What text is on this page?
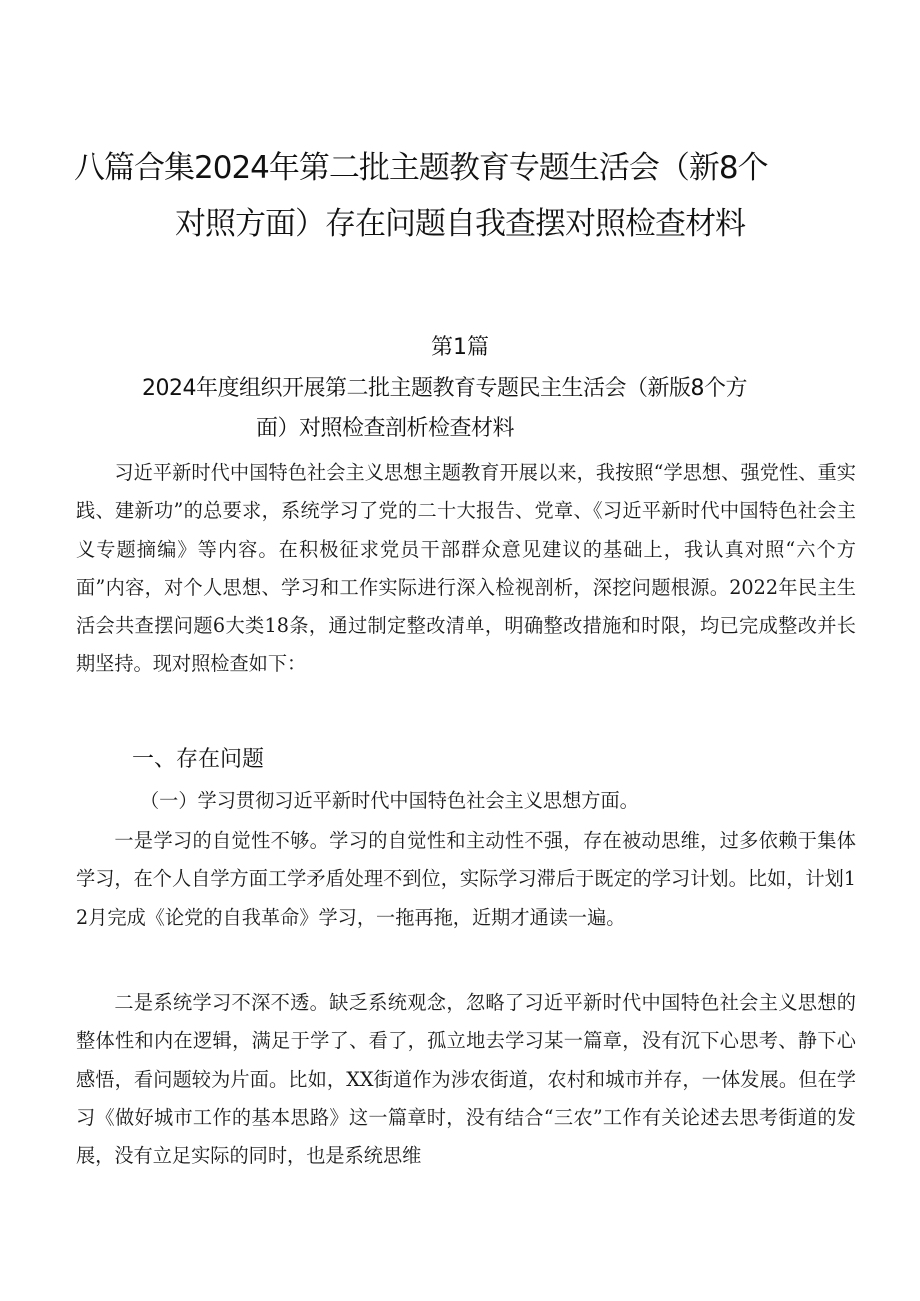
八篇合集2024年第二批主题教育专题生活会（新8个
对照方面）存在问题自我查摆对照检查材料
第1篇
2024年度组织开展第二批主题教育专题民主生活会（新版8个方
面）对照检查剖析检查材料

习近平新时代中国特色社会主义思想主题教育开展以来，我按照“学思想、强党性、重实践、建新功”的总要求，系统学习了党的二十大报告、党章、《习近平新时代中国特色社会主义专题摘编》等内容。在积极征求党员干部群众意见建议的基础上，我认真对照“六个方面”内容，对个人思想、学习和工作实际进行深入检视剖析，深挖问题根源。2022年民主生活会共查摆问题6大类18条，通过制定整改清单，明确整改措施和时限，均已完成整改并长期坚持。现对照检查如下：

一、存在问题
（一）学习贯彻习近平新时代中国特色社会主义思想方面。

一是学习的自觉性不够。学习的自觉性和主动性不强，存在被动思维，过多依赖于集体学习，在个人自学方面工学矛盾处理不到位，实际学习滞后于既定的学习计划。比如，计划12月完成《论党的自我革命》学习，一拖再拖，近期才通读一遍。

二是系统学习不深不透。缺乏系统观念，忽略了习近平新时代中国特色社会主义思想的整体性和内在逻辑，满足于学了、看了，孤立地去学习某一篇章，没有沉下心思考、静下心感悟，看问题较为片面。比如，XX街道作为涉农街道，农村和城市并存，一体发展。但在学习《做好城市工作的基本思路》这一篇章时，没有结合“三农”工作有关论述去思考街道的发展，没有立足实际的同时，也是系统思维
